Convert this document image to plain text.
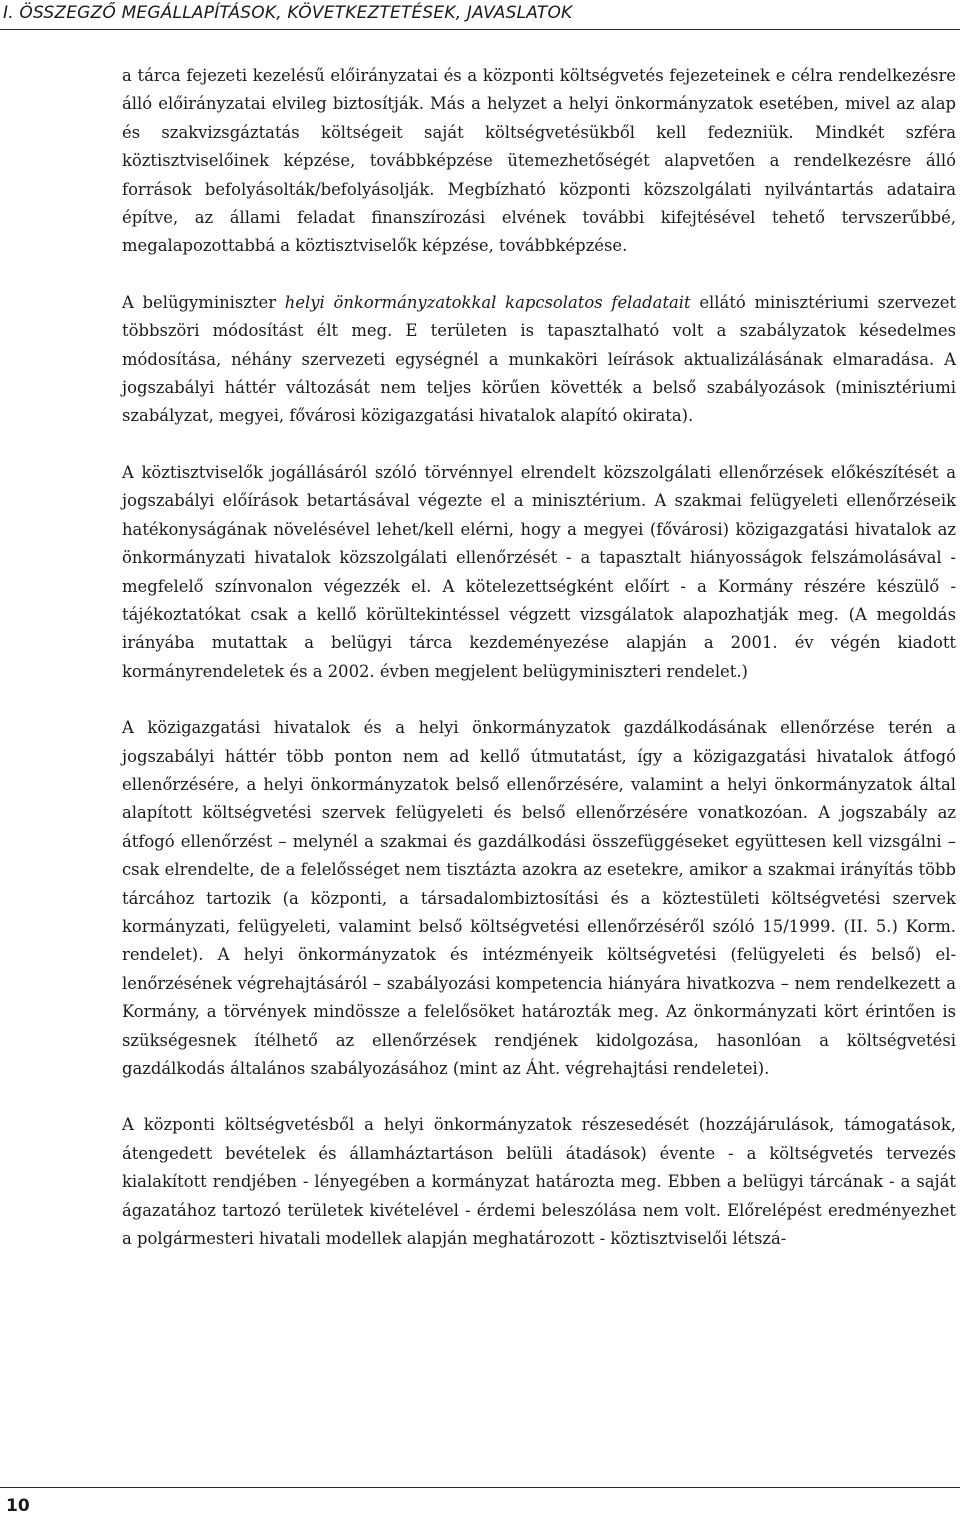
I. ÖSSZEGZŐ MEGÁLLAPÍTÁSOK, KÖVETKEZTETÉSEK, JAVASLATOK

a tárca fejezeti kezelésű előirányzatai és a központi költségvetés fejezeteinek e célra rendelkezésre álló előirányzatai elvileg biztosítják. Más a helyzet a helyi önkormányzatok esetében, mivel az alap és szakvizsgáztatás költségeit saját költségvetésükből kell fedezniük. Mindkét szféra köztisztviselőinek képzése, továbbképzése ütemezhetőségét alapvetően a rendelkezésre álló források befolyásolták/befolyásolják. Megbízható központi közszolgálati nyilvántartás adataira építve, az állami feladat finanszírozási elvének további kifejtésével tehető tervszerűbbé, megalapozottabbá a köztisztviselők képzése, továbbképzése.

A belügyminiszter helyi önkormányzatokkal kapcsolatos feladatait ellátó minisztériumi szervezet többszöri módosítást élt meg. E területen is tapasztalható volt a szabályzatok késedelmes módosítása, néhány szervezeti egységnél a munkaköri leírások aktualizálásának elmaradása. A jogszabályi háttér változását nem teljes körűen követték a belső szabályozások (minisztériumi szabályzat, megyei, fővárosi közigazgatási hivatalok alapító okirata).

A köztisztviselők jogállásáról szóló törvénnyel elrendelt közszolgálati ellenőrzések előkészítését a jogszabályi előírások betartásával végezte el a minisztérium. A szakmai felügyeleti ellenőrzéseik hatékonyságának növelésével lehet/kell elérni, hogy a megyei (fővárosi) közigazgatási hivatalok az önkormányzati hivatalok közszolgálati ellenőrzését - a tapasztalt hiányosságok felszámolásával - megfelelő színvonalon végezzék el. A kötelezettségként előírt - a Kormány részére készülő - tájékoztatókat csak a kellő körültekintéssel végzett vizsgálatok alapozhatják meg. (A megoldás irányába mutattak a belügyi tárca kezdeményezése alapján a 2001. év végén kiadott kormányrendeletek és a 2002. évben megjelent belügyminiszteri rendelet.)

A közigazgatási hivatalok és a helyi önkormányzatok gazdálkodásának ellenőrzése terén a jogszabályi háttér több ponton nem ad kellő útmutatást, így a közigazgatási hivatalok átfogó ellenőrzésére, a helyi önkormányzatok belső ellenőrzésére, valamint a helyi önkormányzatok által alapított költségvetési szervek felügyeleti és belső ellenőrzésére vonatkozóan. A jogszabály az átfogó ellenőrzést – melynél a szakmai és gazdálkodási összefüggéseket együttesen kell vizsgálni – csak elrendelte, de a felelősséget nem tisztázta azokra az esetekre, amikor a szakmai irányítás több tárcához tartozik (a központi, a társadalombiztosítási és a köztestületi költségvetési szervek kormányzati, felügyeleti, valamint belső költségvetési ellenőrzéséről szóló 15/1999. (II. 5.) Korm. rendelet). A helyi önkormányzatok és intézményeik költségvetési (felügyeleti és belső) ellenőrzésének végrehajtásáról – szabályozási kompetencia hiányára hivatkozva – nem rendelkezett a Kormány, a törvények mindössze a felelősöket határozták meg. Az önkormányzati kört érintően is szükségesnek ítélhető az ellenőrzések rendjének kidolgozása, hasonlóan a költségvetési gazdálkodás általános szabályozásához (mint az Áht. végrehajtási rendeletei).

A központi költségvetésből a helyi önkormányzatok részesedését (hozzájárulások, támogatások, átengedett bevételek és államháztartáson belüli átadások) évente - a költségvetés tervezés kialakított rendjében - lényegében a kormányzat határozta meg. Ebben a belügyi tárcának - a saját ágazatához tartozó területek kivételével - érdemi beleszólása nem volt. Előrelépést eredményezhet a polgármesteri hivatali modellek alapján meghatározott - köztisztviselői létszá-

10
